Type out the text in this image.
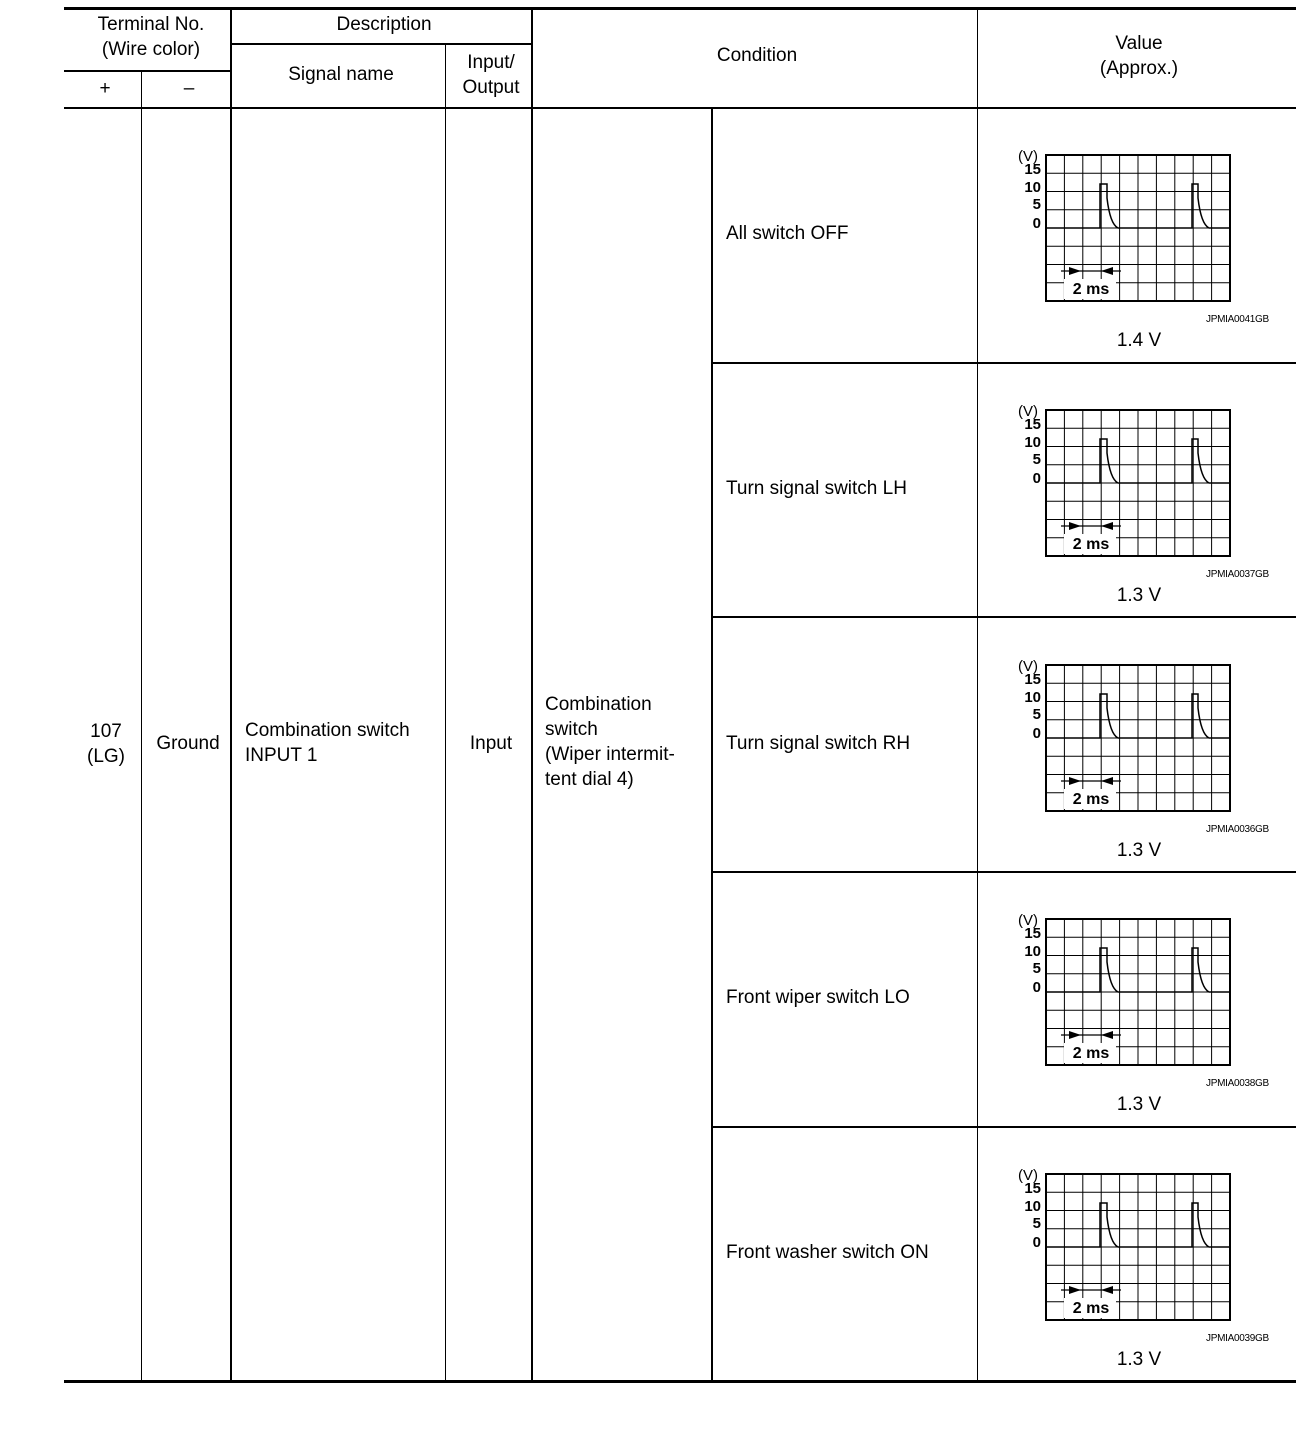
Terminal No.
(Wire color)
+	–
Description
Signal name
Input/
Output
Condition
Value
(Approx.)
107
(LG)
Ground
Combination switch
INPUT 1
Input
Combination
switch
(Wiper intermit-
tent dial 4)
All switch OFF
Turn signal switch LH
Turn signal switch RH
Front wiper switch LO
Front washer switch ON
(V)
15
10
5
0
2 ms
(V)
15
10
5
0
2 ms
(V)
15
10
5
0
2 ms
(V)
15
10
5
0
2 ms
(V)
15
10
5
0
2 ms
JPMIA0041GB
JPMIA0037GB
JPMIA0036GB
JPMIA0038GB
JPMIA0039GB
1.4 V
1.3 V
1.3 V
1.3 V
1.3 V
